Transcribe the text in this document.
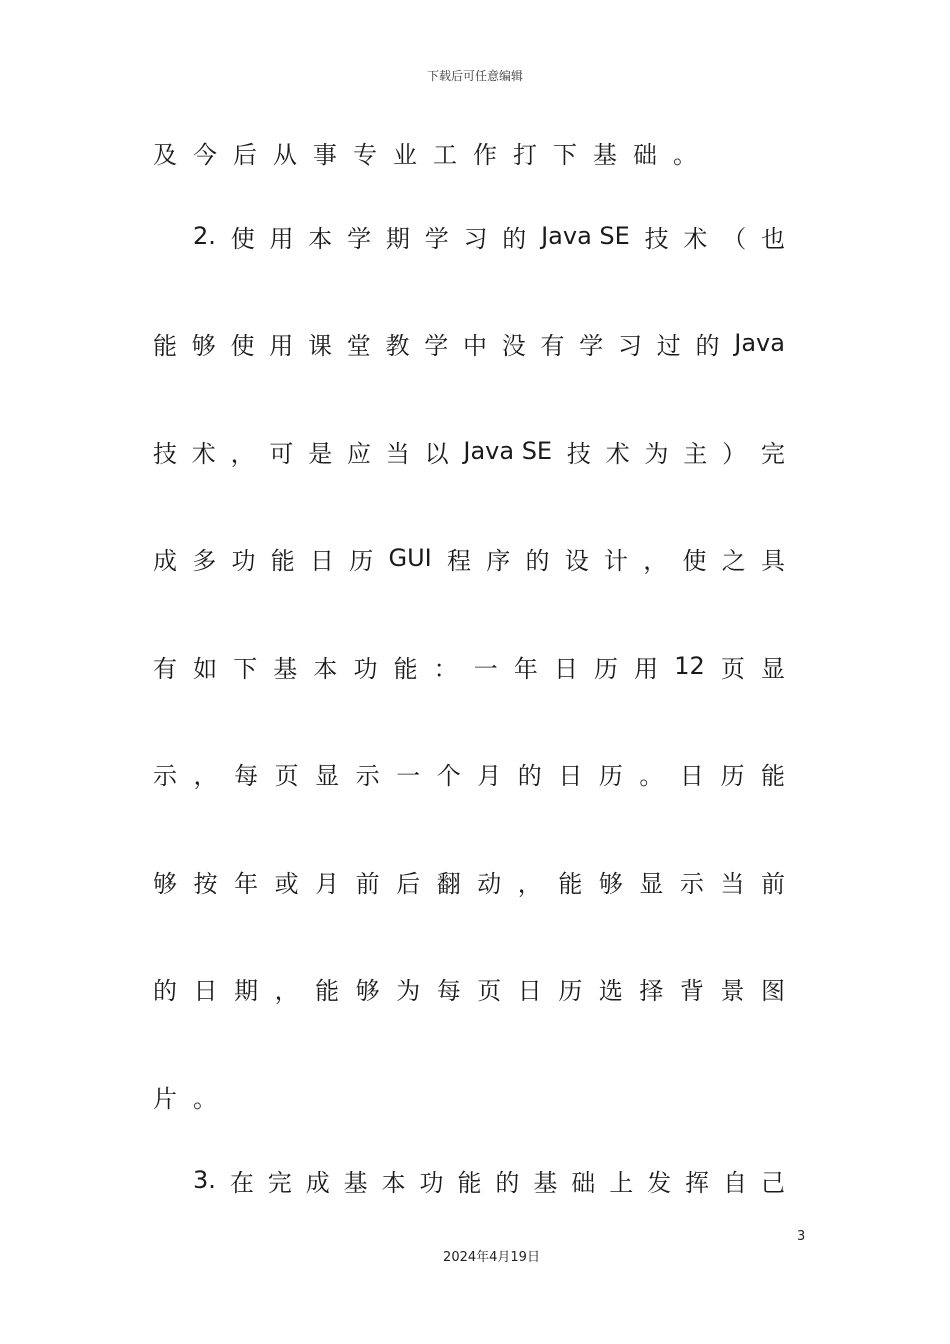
下载后可任意编辑
及 今 后 从 事 专 业 工 作 打 下 基 础 。
2. 使 用 本 学 期 学 习 的 Java SE 技 术 （ 也
能 够 使 用 课 堂 教 学 中 没 有 学 习 过 的 Java
技 术 ， 可 是 应 当 以 Java SE 技 术 为 主 ） 完
成 多 功 能 日 历 GUI 程 序 的 设 计 ， 使 之 具
有 如 下 基 本 功 能 ： 一 年 日 历 用 12 页 显
示 ， 每 页 显 示 一 个 月 的 日 历 。 日 历 能
够 按 年 或 月 前 后 翻 动 ， 能 够 显 示 当 前
的 日 期 ， 能 够 为 每 页 日 历 选 择 背 景 图
片 。
3. 在 完 成 基 本 功 能 的 基 础 上 发 挥 自 己
3
2024年4月19日
